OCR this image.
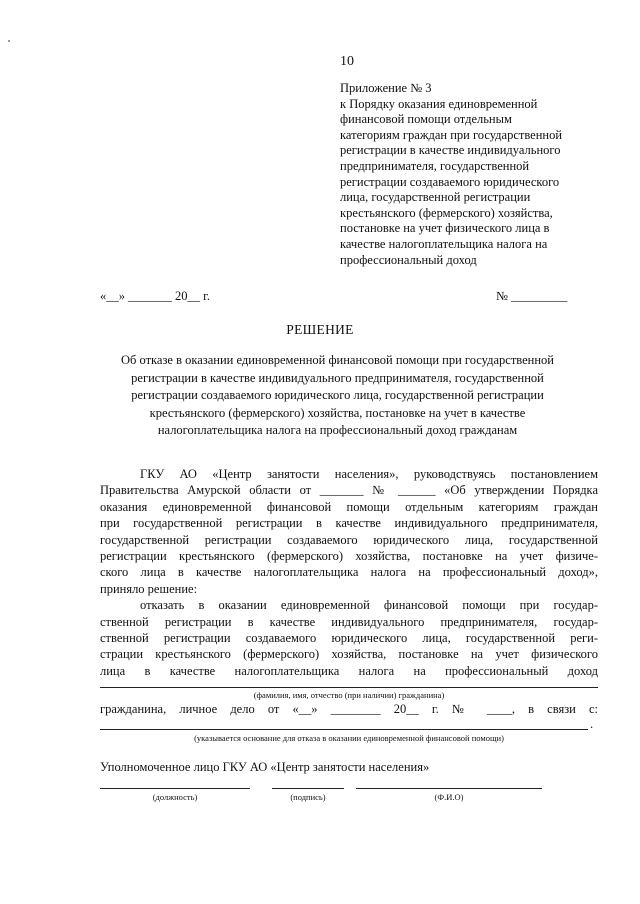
10
Приложение № 3
к Порядку оказания единовременной
финансовой помощи отдельным
категориям граждан при государственной
регистрации в качестве индивидуального
предпринимателя, государственной
регистрации создаваемого юридического
лица, государственной регистрации
крестьянского (фермерского) хозяйства,
постановке на учет физического лица в
качестве налогоплательщика налога на
профессиональный доход
«__» _______ 20__ г.	№ _________
РЕШЕНИЕ
Об отказе в оказании единовременной финансовой помощи при государственной
регистрации в качестве индивидуального предпринимателя, государственной
регистрации создаваемого юридического лица, государственной регистрации
крестьянского (фермерского) хозяйства, постановке на учет в качестве
налогоплательщика налога на профессиональный доход гражданам
ГКУ АО «Центр занятости населения», руководствуясь постановлением
Правительства Амурской области от _______ № ______ «Об утверждении Порядка
оказания единовременной финансовой помощи отдельным категориям граждан
при государственной регистрации в качестве индивидуального предпринимателя,
государственной регистрации создаваемого юридического лица, государственной
регистрации крестьянского (фермерского) хозяйства, постановке на учет физиче-
ского лица в качестве налогоплательщика налога на профессиональный доход»,
приняло решение:
отказать в оказании единовременной финансовой помощи при государ-
ственной регистрации в качестве индивидуального предпринимателя, государ-
ственной регистрации создаваемого юридического лица, государственной реги-
страции крестьянского (фермерского) хозяйства, постановке на учет физического
лица в качестве налогоплательщика налога на профессиональный доход
(фамилия, имя, отчество (при наличии) гражданина)
гражданина, личное дело от «__» ________ 20__ г. № ____, в связи с:
.
(указывается основание для отказа в оказании единовременной финансовой помощи)
Уполномоченное лицо ГКУ АО «Центр занятости населения»
(должность)	(подпись)	(Ф.И.О)
